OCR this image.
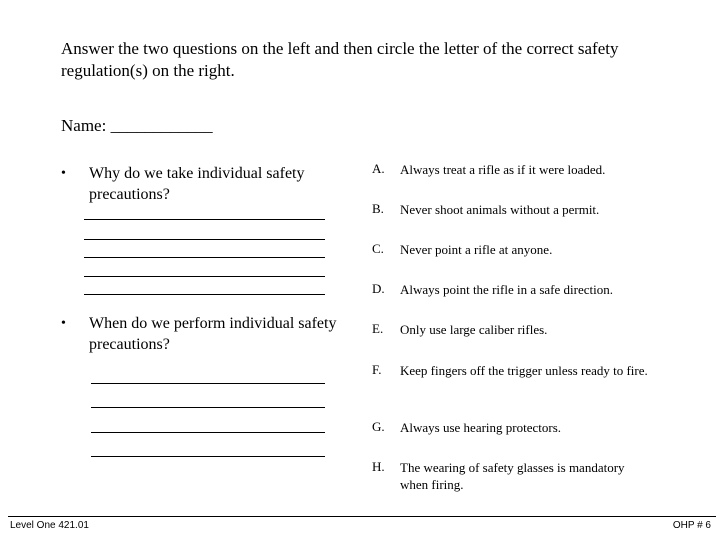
Answer the two questions on the left and then circle the letter of the correct safety regulation(s) on the right.
Name: ____________
• Why do we take individual safety precautions?
• When do we perform individual safety precautions?
A. Always treat a rifle as if it were loaded.
B. Never shoot animals without a permit.
C. Never point a rifle at anyone.
D. Always point the rifle in a safe direction.
E. Only use large caliber rifles.
F. Keep fingers off the trigger unless ready to fire.
G. Always use hearing protectors.
H. The wearing of safety glasses is mandatory when firing.
Level One 421.01	OHP # 6
